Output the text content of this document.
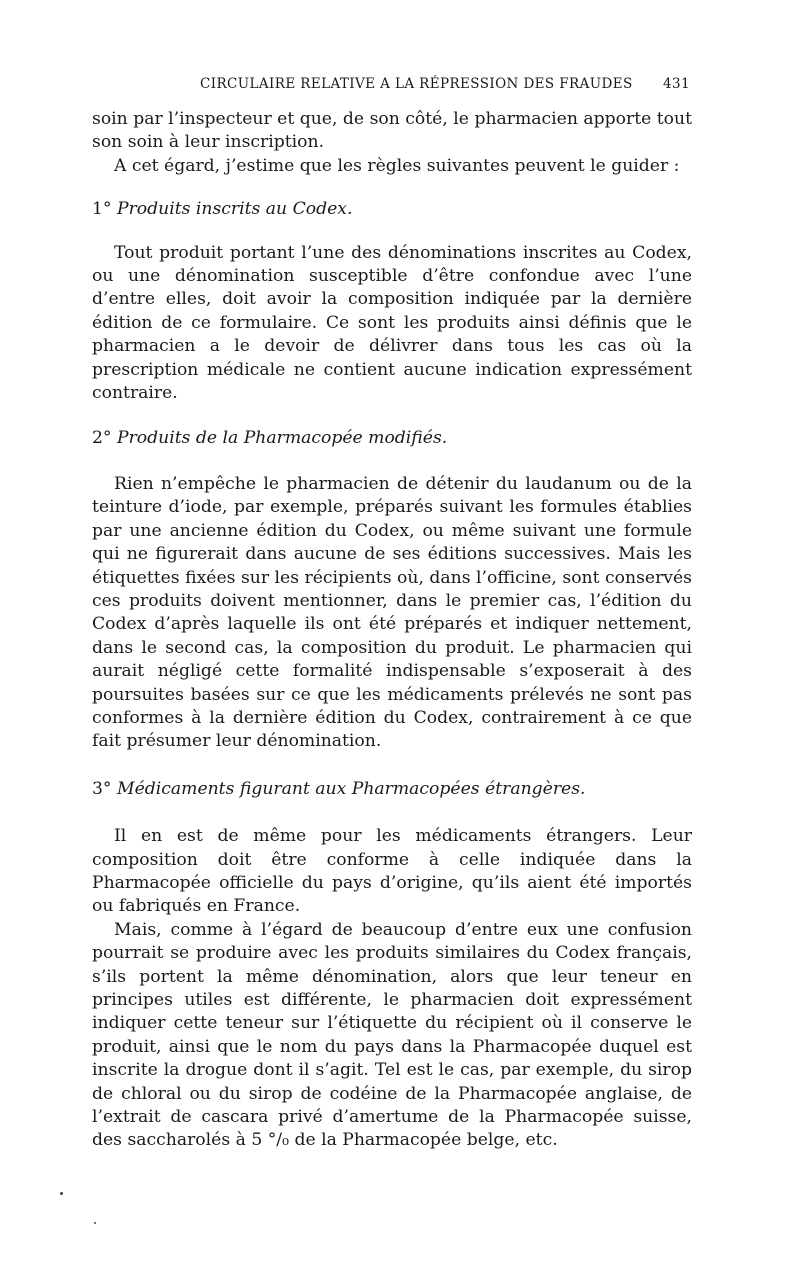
CIRCULAIRE RELATIVE A LA RÉPRESSION DES FRAUDES 431

soin par l’inspecteur et que, de son côté, le pharmacien apporte tout son soin à leur inscription.

A cet égard, j’estime que les règles suivantes peuvent le guider :

1° Produits inscrits au Codex.

Tout produit portant l’une des dénominations inscrites au Codex, ou une dénomination susceptible d’être confondue avec l’une d’entre elles, doit avoir la composition indiquée par la dernière édition de ce formulaire. Ce sont les produits ainsi définis que le pharmacien a le devoir de délivrer dans tous les cas où la prescription médicale ne contient aucune indication expressément contraire.

2° Produits de la Pharmacopée modifiés.

Rien n’empêche le pharmacien de détenir du laudanum ou de la teinture d’iode, par exemple, préparés suivant les formules établies par une ancienne édition du Codex, ou même suivant une formule qui ne figurerait dans aucune de ses éditions successives. Mais les étiquettes fixées sur les récipients où, dans l’officine, sont conservés ces produits doivent mentionner, dans le premier cas, l’édition du Codex d’après laquelle ils ont été préparés et indiquer nettement, dans le second cas, la composition du produit. Le pharmacien qui aurait négligé cette formalité indispensable s’exposerait à des poursuites basées sur ce que les médicaments prélevés ne sont pas conformes à la dernière édition du Codex, contrairement à ce que fait présumer leur dénomination.

3° Médicaments figurant aux Pharmacopées étrangères.

Il en est de même pour les médicaments étrangers. Leur composition doit être conforme à celle indiquée dans la Pharmacopée officielle du pays d’origine, qu’ils aient été importés ou fabriqués en France.

Mais, comme à l’égard de beaucoup d’entre eux une confusion pourrait se produire avec les produits similaires du Codex français, s’ils portent la même dénomination, alors que leur teneur en principes utiles est différente, le pharmacien doit expressément indiquer cette teneur sur l’étiquette du récipient où il conserve le produit, ainsi que le nom du pays dans la Pharmacopée duquel est inscrite la drogue dont il s’agit. Tel est le cas, par exemple, du sirop de chloral ou du sirop de codéine de la Pharmacopée anglaise, de l’extrait de cascara privé d’amertume de la Pharmacopée suisse, des saccharolés à 5 °/₀ de la Pharmacopée belge, etc.
